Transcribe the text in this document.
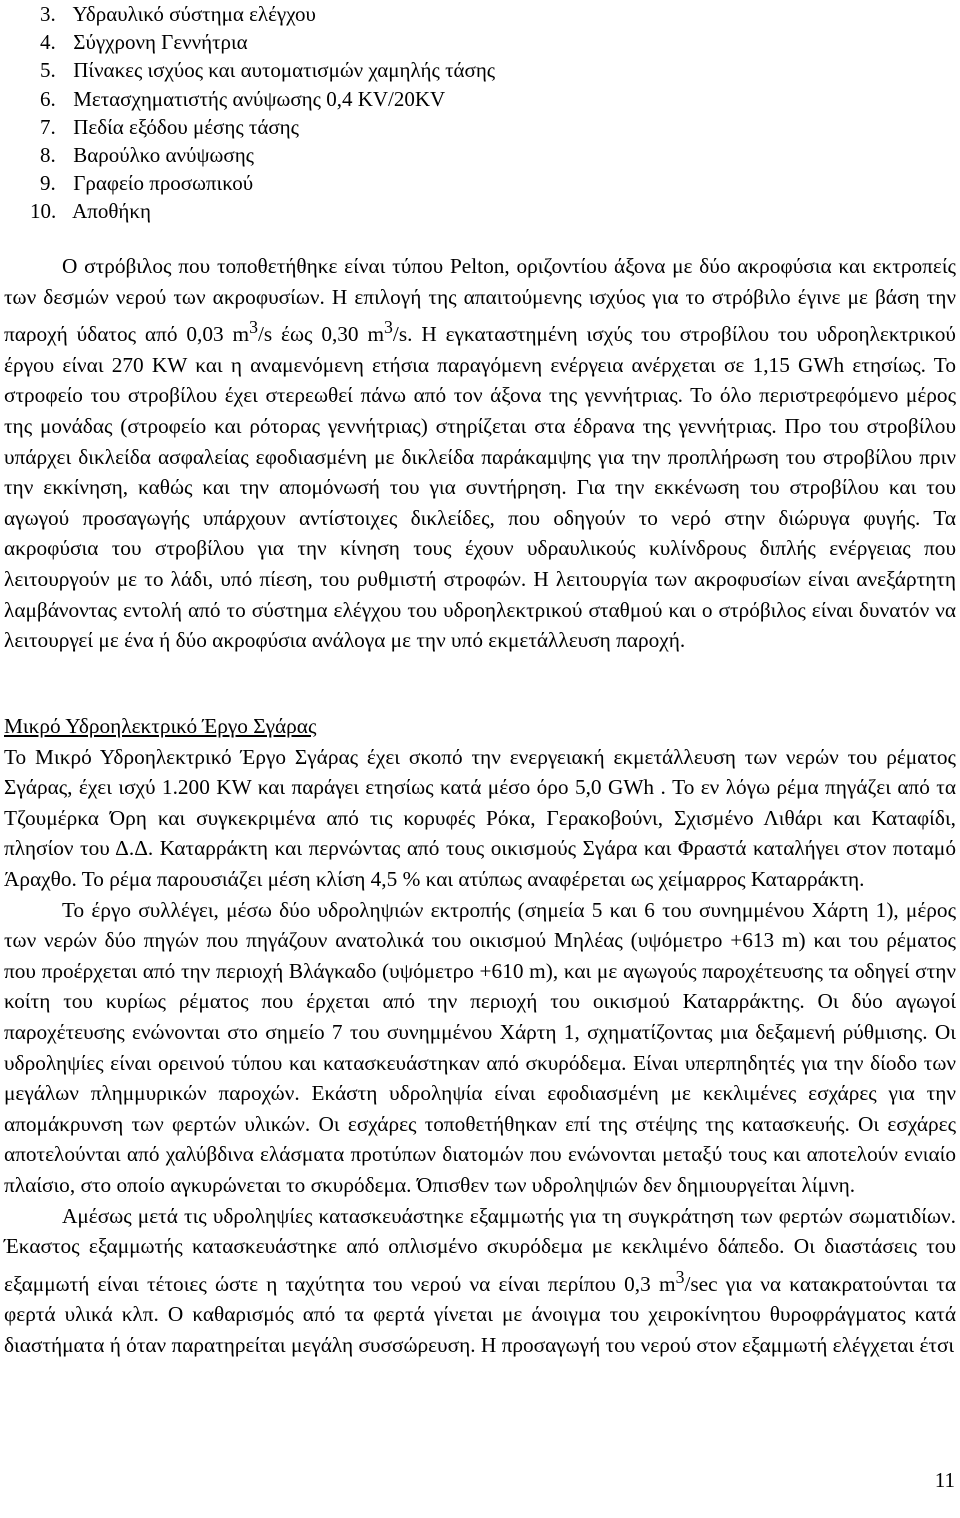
3. Υδραυλικό σύστημα ελέγχου
4. Σύγχρονη Γεννήτρια
5. Πίνακες ισχύος και αυτοματισμών χαμηλής τάσης
6. Μετασχηματιστής ανύψωσης 0,4 KV/20KV
7. Πεδία εξόδου μέσης τάσης
8. Βαρούλκο ανύψωσης
9. Γραφείο προσωπικού
10. Αποθήκη

Ο στρόβιλος που τοποθετήθηκε είναι τύπου Pelton, οριζοντίου άξονα με δύο ακροφύσια και εκτροπείς των δεσμών νερού των ακροφυσίων. Η επιλογή της απαιτούμενης ισχύος για το στρόβιλο έγινε με βάση την παροχή ύδατος από 0,03 $m^3/s$ έως 0,30 $m^3/s$. Η εγκαταστημένη ισχύς του στροβίλου του υδροηλεκτρικού έργου είναι 270 KW και η αναμενόμενη ετήσια παραγόμενη ενέργεια ανέρχεται σε 1,15 GWh ετησίως. Το στροφείο του στροβίλου έχει στερεωθεί πάνω από τον άξονα της γεννήτριας. Το όλο περιστρεφόμενο μέρος της μονάδας (στροφείο και ρότορας γεννήτριας) στηρίζεται στα έδρανα της γεννήτριας. Προ του στροβίλου υπάρχει δικλείδα ασφαλείας εφοδιασμένη με δικλείδα παράκαμψης για την προπλήρωση του στροβίλου πριν την εκκίνηση, καθώς και την απομόνωσή του για συντήρηση. Για την εκκένωση του στροβίλου και του αγωγού προσαγωγής υπάρχουν αντίστοιχες δικλείδες, που οδηγούν το νερό στην διώρυγα φυγής. Τα ακροφύσια του στροβίλου για την κίνηση τους έχουν υδραυλικούς κυλίνδρους διπλής ενέργειας που λειτουργούν με το λάδι, υπό πίεση, του ρυθμιστή στροφών. Η λειτουργία των ακροφυσίων είναι ανεξάρτητη λαμβάνοντας εντολή από το σύστημα ελέγχου του υδροηλεκτρικού σταθμού και ο στρόβιλος είναι δυνατόν να λειτουργεί με ένα ή δύο ακροφύσια ανάλογα με την υπό εκμετάλλευση παροχή.

Μικρό Υδροηλεκτρικό Έργο Σγάρας

Το Μικρό Υδροηλεκτρικό Έργο Σγάρας έχει σκοπό την ενεργειακή εκμετάλλευση των νερών του ρέματος Σγάρας, έχει ισχύ 1.200 KW και παράγει ετησίως κατά μέσο όρο 5,0 GWh . Το εν λόγω ρέμα πηγάζει από τα Τζουμέρκα Όρη και συγκεκριμένα από τις κορυφές Ρόκα, Γερακοβούνι, Σχισμένο Λιθάρι και Καταφίδι, πλησίον του Δ.Δ. Καταρράκτη και περνώντας από τους οικισμούς Σγάρα και Φραστά καταλήγει στον ποταμό Άραχθο. Το ρέμα παρουσιάζει μέση κλίση 4,5 % και ατύπως αναφέρεται ως χείμαρρος Καταρράκτη.

Το έργο συλλέγει, μέσω δύο υδροληψιών εκτροπής (σημεία 5 και 6 του συνημμένου Χάρτη 1), μέρος των νερών δύο πηγών που πηγάζουν ανατολικά του οικισμού Μηλέας (υψόμετρο +613 m) και του ρέματος που προέρχεται από την περιοχή Βλάγκαδο (υψόμετρο +610 m), και με αγωγούς παροχέτευσης τα οδηγεί στην κοίτη του κυρίως ρέματος που έρχεται από την περιοχή του οικισμού Καταρράκτης. Οι δύο αγωγοί παροχέτευσης ενώνονται στο σημείο 7 του συνημμένου Χάρτη 1, σχηματίζοντας μια δεξαμενή ρύθμισης. Οι υδροληψίες είναι ορεινού τύπου και κατασκευάστηκαν από σκυρόδεμα. Είναι υπερπηδητές για την δίοδο των μεγάλων πλημμυρικών παροχών. Εκάστη υδροληψία είναι εφοδιασμένη με κεκλιμένες εσχάρες για την απομάκρυνση των φερτών υλικών. Οι εσχάρες τοποθετήθηκαν επί της στέψης της κατασκευής. Οι εσχάρες αποτελούνται από χαλύβδινα ελάσματα προτύπων διατομών που ενώνονται μεταξύ τους και αποτελούν ενιαίο πλαίσιο, στο οποίο αγκυρώνεται το σκυρόδεμα. Όπισθεν των υδροληψιών δεν δημιουργείται λίμνη.

Αμέσως μετά τις υδροληψίες κατασκευάστηκε εξαμμωτής για τη συγκράτηση των φερτών σωματιδίων. Έκαστος εξαμμωτής κατασκευάστηκε από οπλισμένο σκυρόδεμα με κεκλιμένο δάπεδο. Οι διαστάσεις του εξαμμωτή είναι τέτοιες ώστε η ταχύτητα του νερού να είναι περίπου 0,3 $m^3/\sec$ για να κατακρατούνται τα φερτά υλικά κλπ. Ο καθαρισμός από τα φερτά γίνεται με άνοιγμα του χειροκίνητου θυροφράγματος κατά διαστήματα ή όταν παρατηρείται μεγάλη συσσώρευση. Η προσαγωγή του νερού στον εξαμμωτή ελέγχεται έτσι

11
